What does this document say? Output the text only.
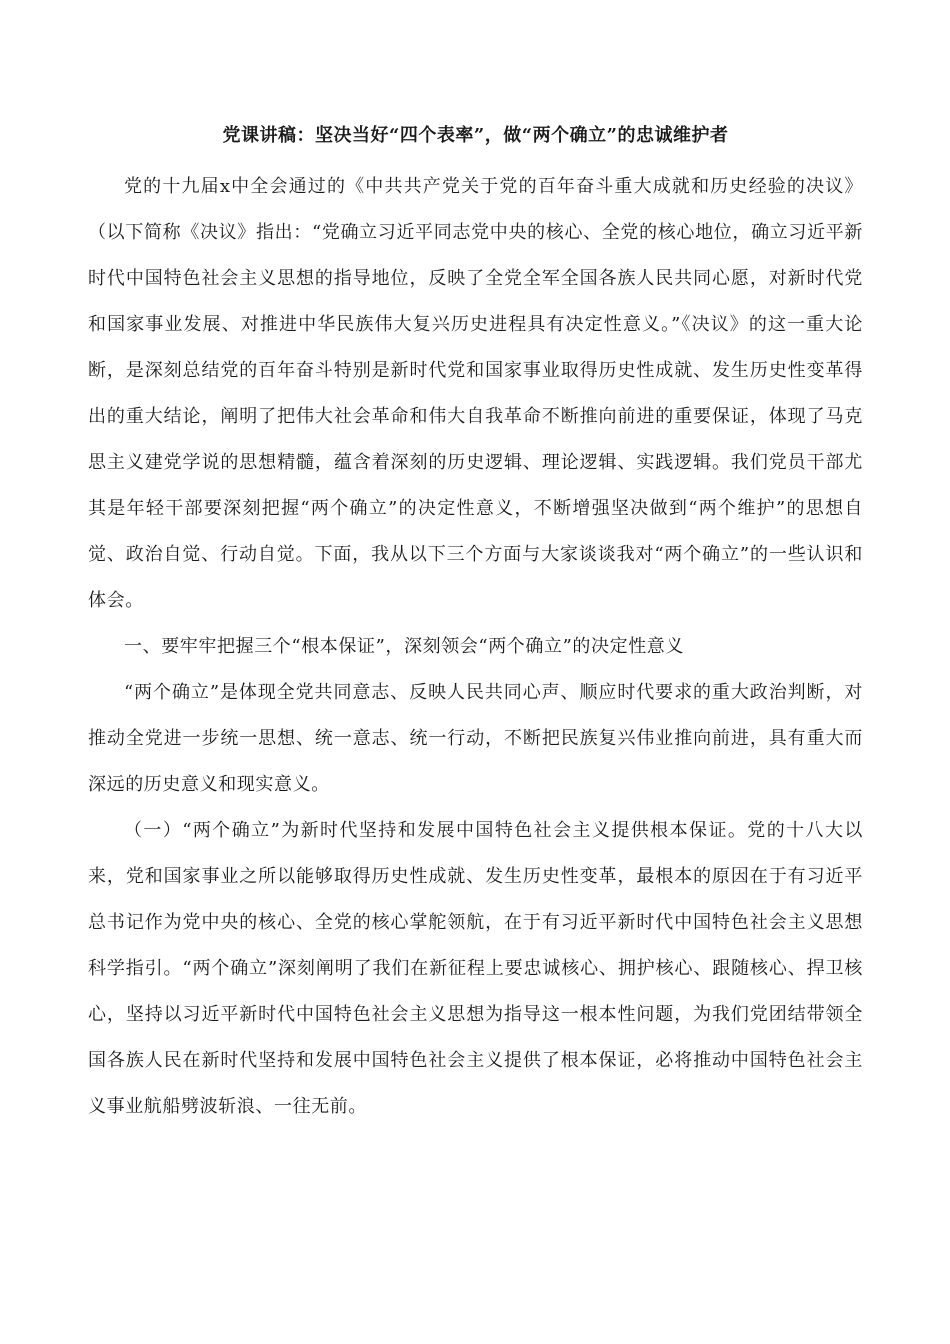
党课讲稿：坚决当好“四个表率”，做“两个确立”的忠诚维护者

党的十九届x中全会通过的《中共共产党关于党的百年奋斗重大成就和历史经验的决议》（以下简称《决议》指出：“党确立习近平同志党中央的核心、全党的核心地位，确立习近平新时代中国特色社会主义思想的指导地位，反映了全党全军全国各族人民共同心愿，对新时代党和国家事业发展、对推进中华民族伟大复兴历史进程具有决定性意义。”《决议》的这一重大论断，是深刻总结党的百年奋斗特别是新时代党和国家事业取得历史性成就、发生历史性变革得出的重大结论，阐明了把伟大社会革命和伟大自我革命不断推向前进的重要保证，体现了马克思主义建党学说的思想精髓，蕴含着深刻的历史逻辑、理论逻辑、实践逻辑。我们党员干部尤其是年轻干部要深刻把握“两个确立”的决定性意义，不断增强坚决做到“两个维护”的思想自觉、政治自觉、行动自觉。下面，我从以下三个方面与大家谈谈我对“两个确立”的一些认识和体会。

一、要牢牢把握三个“根本保证”，深刻领会“两个确立”的决定性意义

“两个确立”是体现全党共同意志、反映人民共同心声、顺应时代要求的重大政治判断，对推动全党进一步统一思想、统一意志、统一行动，不断把民族复兴伟业推向前进，具有重大而深远的历史意义和现实意义。

（一）“两个确立”为新时代坚持和发展中国特色社会主义提供根本保证。党的十八大以来，党和国家事业之所以能够取得历史性成就、发生历史性变革，最根本的原因在于有习近平总书记作为党中央的核心、全党的核心掌舵领航，在于有习近平新时代中国特色社会主义思想科学指引。“两个确立”深刻阐明了我们在新征程上要忠诚核心、拥护核心、跟随核心、捍卫核心，坚持以习近平新时代中国特色社会主义思想为指导这一根本性问题，为我们党团结带领全国各族人民在新时代坚持和发展中国特色社会主义提供了根本保证，必将推动中国特色社会主义事业航船劈波斩浪、一往无前。
